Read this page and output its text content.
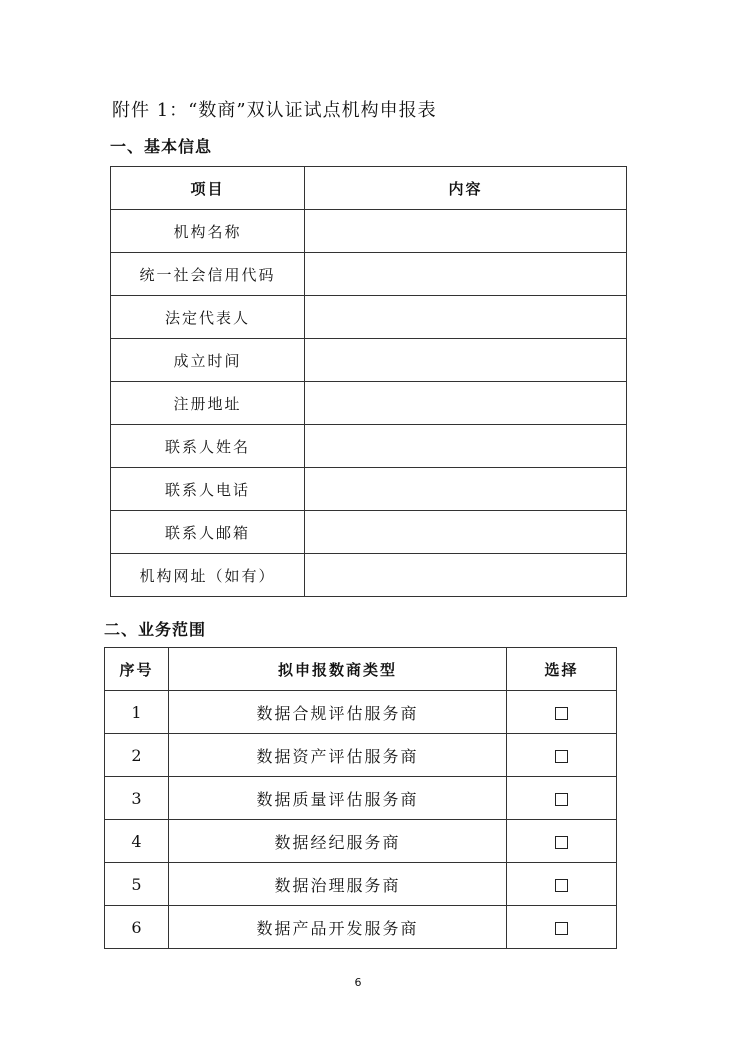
附件 1：“数商”双认证试点机构申报表
一、基本信息
项目	内容
机构名称	
统一社会信用代码	
法定代表人	
成立时间	
注册地址	
联系人姓名	
联系人电话	
联系人邮箱	
机构网址（如有）	
二、业务范围
序号	拟申报数商类型	选择
1	数据合规评估服务商	
2	数据资产评估服务商	
3	数据质量评估服务商	
4	数据经纪服务商	
5	数据治理服务商	
6	数据产品开发服务商	
6
